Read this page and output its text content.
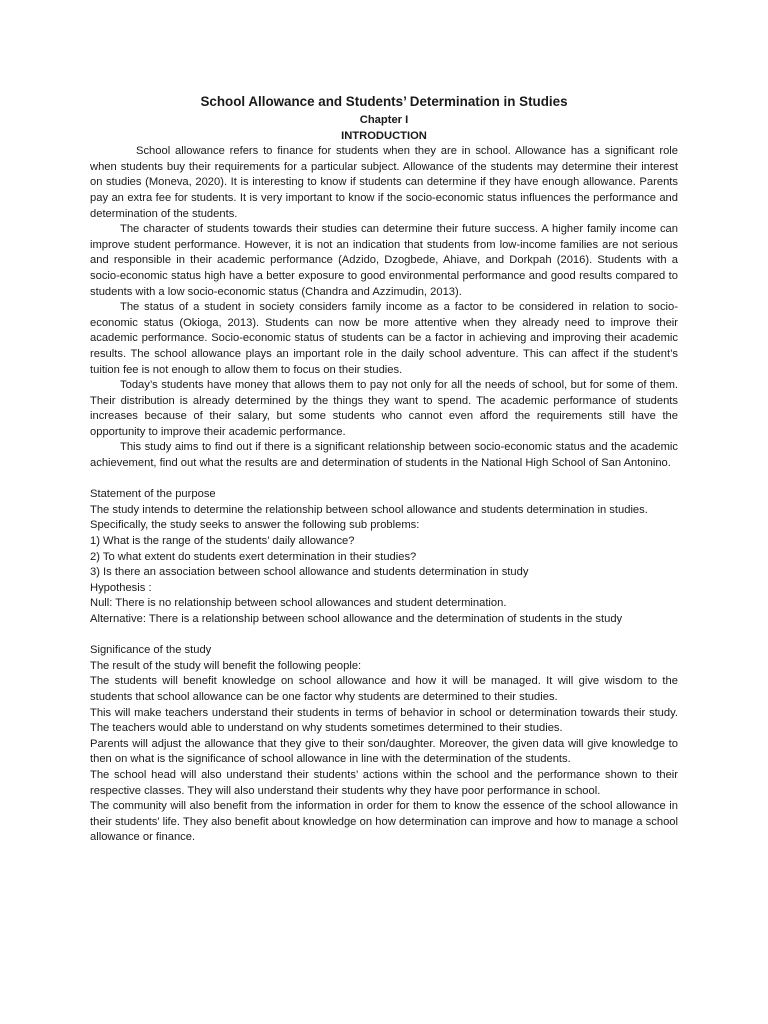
School Allowance and Students’ Determination in Studies
Chapter I
INTRODUCTION

School allowance refers to finance for students when they are in school. Allowance has a significant role when students buy their requirements for a particular subject. Allowance of the students may determine their interest on studies (Moneva, 2020). It is interesting to know if students can determine if they have enough allowance. Parents pay an extra fee for students. It is very important to know if the socio-economic status influences the performance and determination of the students.

The character of students towards their studies can determine their future success. A higher family income can improve student performance. However, it is not an indication that students from low-income families are not serious and responsible in their academic performance (Adzido, Dzogbede, Ahiave, and Dorkpah (2016). Students with a socio-economic status high have a better exposure to good environmental performance and good results compared to students with a low socio-economic status (Chandra and Azzimudin, 2013).

The status of a student in society considers family income as a factor to be considered in relation to socio-economic status (Okioga, 2013). Students can now be more attentive when they already need to improve their academic performance. Socio-economic status of students can be a factor in achieving and improving their academic results. The school allowance plays an important role in the daily school adventure. This can affect if the student’s tuition fee is not enough to allow them to focus on their studies.

Today’s students have money that allows them to pay not only for all the needs of school, but for some of them. Their distribution is already determined by the things they want to spend. The academic performance of students increases because of their salary, but some students who cannot even afford the requirements still have the opportunity to improve their academic performance.

This study aims to find out if there is a significant relationship between socio-economic status and the academic achievement, find out what the results are and determination of students in the National High School of San Antonino.

Statement of the purpose

The study intends to determine the relationship between school allowance and students determination in studies.

Specifically, the study seeks to answer the following sub problems:

1) What is the range of the students’ daily allowance?

2) To what extent do students exert determination in their studies?

3) Is there an association between school allowance and students determination in study

Hypothesis :

Null: There is no relationship between school allowances and student determination.

Alternative: There is a relationship between school allowance and the determination of students in the study

Significance of the study

The result of the study will benefit the following people:

The students will benefit knowledge on school allowance and how it will be managed. It will give wisdom to the students that school allowance can be one factor why students are determined to their studies.

This will make teachers understand their students in terms of behavior in school or determination towards their study. The teachers would able to understand on why students sometimes determined to their studies.

Parents will adjust the allowance that they give to their son/daughter. Moreover, the given data will give knowledge to then on what is the significance of school allowance in line with the determination of the students.

The school head will also understand their students’ actions within the school and the performance shown to their respective classes. They will also understand their students why they have poor performance in school.

The community will also benefit from the information in order for them to know the essence of the school allowance in their students’ life. They also benefit about knowledge on how determination can improve and how to manage a school allowance or finance.
